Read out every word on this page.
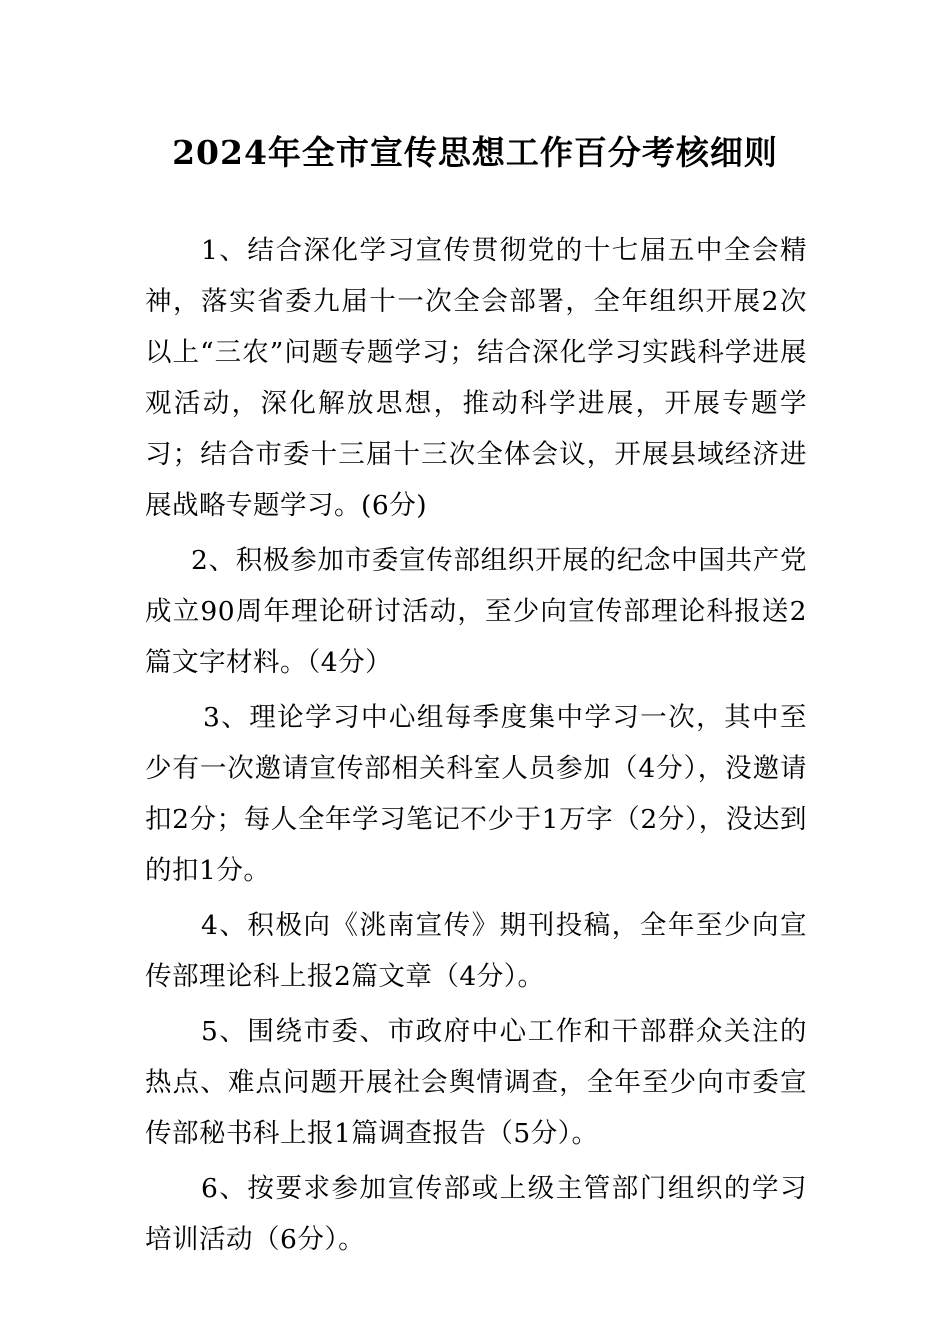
2024年全市宣传思想工作百分考核细则

1、结合深化学习宣传贯彻党的十七届五中全会精神，落实省委九届十一次全会部署，全年组织开展2次以上“三农”问题专题学习；结合深化学习实践科学进展观活动，深化解放思想，推动科学进展，开展专题学习；结合市委十三届十三次全体会议，开展县域经济进展战略专题学习。(6分)

2、积极参加市委宣传部组织开展的纪念中国共产党成立90周年理论研讨活动，至少向宣传部理论科报送2篇文字材料。（4分）

3、理论学习中心组每季度集中学习一次，其中至少有一次邀请宣传部相关科室人员参加（4分），没邀请扣2分；每人全年学习笔记不少于1万字（2分），没达到的扣1分。

4、积极向《洮南宣传》期刊投稿，全年至少向宣传部理论科上报2篇文章（4分）。

5、围绕市委、市政府中心工作和干部群众关注的热点、难点问题开展社会舆情调查，全年至少向市委宣传部秘书科上报1篇调查报告（5分）。

6、按要求参加宣传部或上级主管部门组织的学习培训活动（6分）。
